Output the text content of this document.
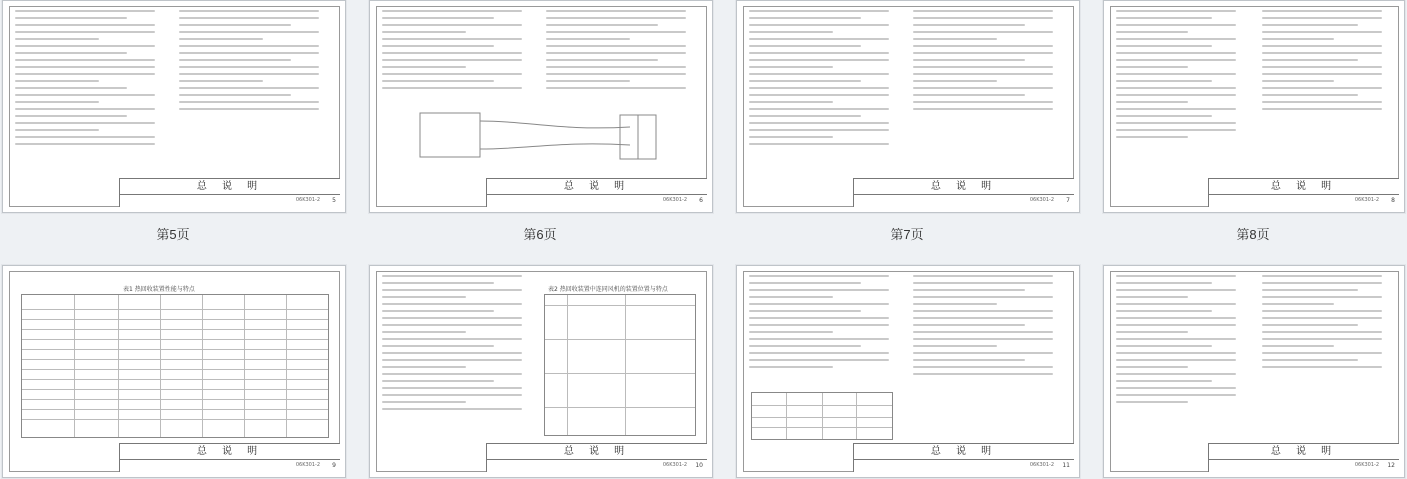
总 说 明
06K301-2 5
第5页
总 说 明
06K301-2 6
第6页
总 说 明
06K301-2 7
第7页
总 说 明
06K301-2 8
第8页
表1 热回收装置性能与特点
总 说 明
06K301-2 9
表2 热回收装置中连同风机的装置位置与特点
总 说 明
06K301-2 10
总 说 明
06K301-2 11
总 说 明
06K301-2 12
